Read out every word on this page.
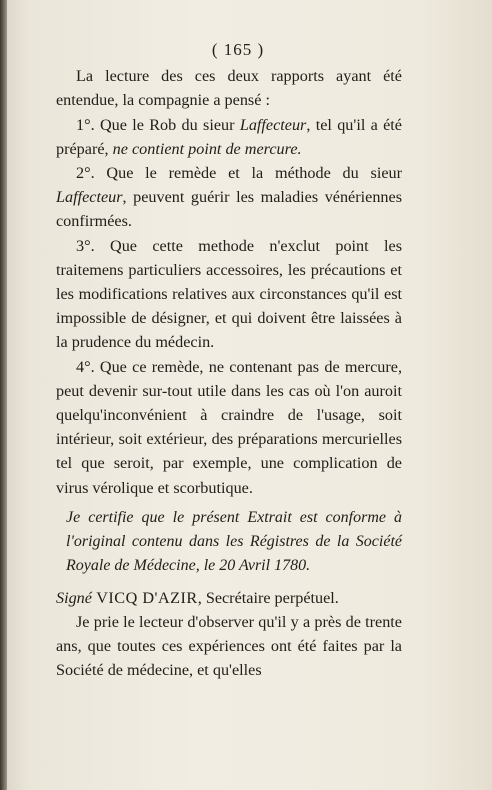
( 165 )

La lecture des ces deux rapports ayant été entendue, la compagnie a pensé :

1°. Que le Rob du sieur Laffecteur, tel qu'il a été préparé, ne contient point de mercure.

2°. Que le remède et la méthode du sieur Laffecteur, peuvent guérir les maladies vénériennes confirmées.

3°. Que cette methode n'exclut point les traitemens particuliers accessoires, les précautions et les modifications relatives aux circonstances qu'il est impossible de désigner, et qui doivent être laissées à la prudence du médecin.

4°. Que ce remède, ne contenant pas de mercure, peut devenir sur-tout utile dans les cas où l'on auroit quelqu'inconvénient à craindre de l'usage, soit intérieur, soit extérieur, des préparations mercurielles tel que seroit, par exemple, une complication de virus vérolique et scorbutique.

Je certifie que le présent Extrait est conforme à l'original contenu dans les Régistres de la Société Royale de Médecine, le 20 Avril 1780.

Signé VICQ D'AZIR, Secrétaire perpétuel.

Je prie le lecteur d'observer qu'il y a près de trente ans, que toutes ces expériences ont été faites par la Société de médecine, et qu'elles
